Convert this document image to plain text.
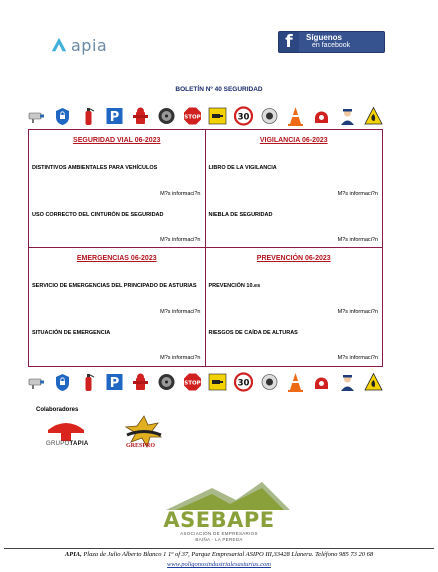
apia	f	Síguenos
en facebook
BOLETÍN Nº 40 SEGURIDAD
P	STOP	30
SEGURIDAD VIAL 06-2023
DISTINTIVOS AMBIENTALES PARA VEHÍCULOS
M?s informaci?n
USO CORRECTO DEL CINTURÓN DE SEGURIDAD
M?s informaci?n
VIGILANCIA 06-2023
LIBRO DE LA VIGILANCIA
M?s informaci?n
NIEBLA DE SEGURIDAD
M?s informaci?n
EMERGENCIAS 06-2023
SERVICIO DE EMERGENCIAS DEL PRINCIPADO DE ASTURIAS
M?s informaci?n
SITUACIÓN DE EMERGENCIA
M?s informaci?n
PREVENCIÓN 06-2023
PREVENCIÓN 10.es
M?s informaci?n
RIESGOS DE CAÍDA DE ALTURAS
M?s informaci?n
P	STOP	30
Colaboradores
GRUPOTAPIA	GRESPRO
ASEBAPE
ASOCIACIÓN DE EMPRESARIOS
BAIÑA · LA PEREDA
APIA, Plaza de Julio Alberto Blanco 1 1º of 37, Parque Empresarial ASIPO III,33428 Llanera. Teléfono 985 73 20 68
www.poligonosindustrialesasturias.com
